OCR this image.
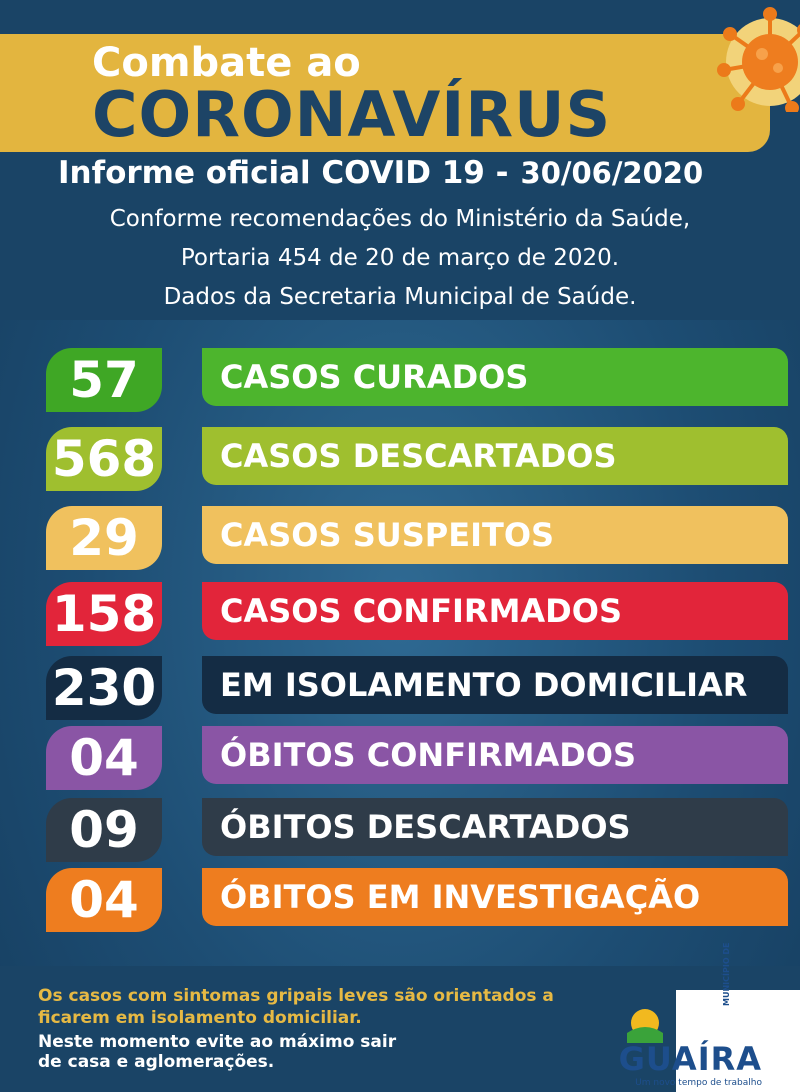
Combate ao
CORONAVÍRUS
Informe oficial COVID 19 - 30/06/2020
Conforme recomendações do Ministério da Saúde,
Portaria 454 de 20 de março de 2020.
Dados da Secretaria Municipal de Saúde.
57	CASOS CURADOS
568	CASOS DESCARTADOS
29	CASOS SUSPEITOS
158	CASOS CONFIRMADOS
230	EM ISOLAMENTO DOMICILIAR
04	ÓBITOS CONFIRMADOS
09	ÓBITOS DESCARTADOS
04	ÓBITOS EM INVESTIGAÇÃO
Os casos com sintomas gripais leves são orientados a ficarem em isolamento domiciliar.
Neste momento evite ao máximo sair de casa e aglomerações.
MUNICÍPIO DE
GUAÍRA
Um novo tempo de trabalho
